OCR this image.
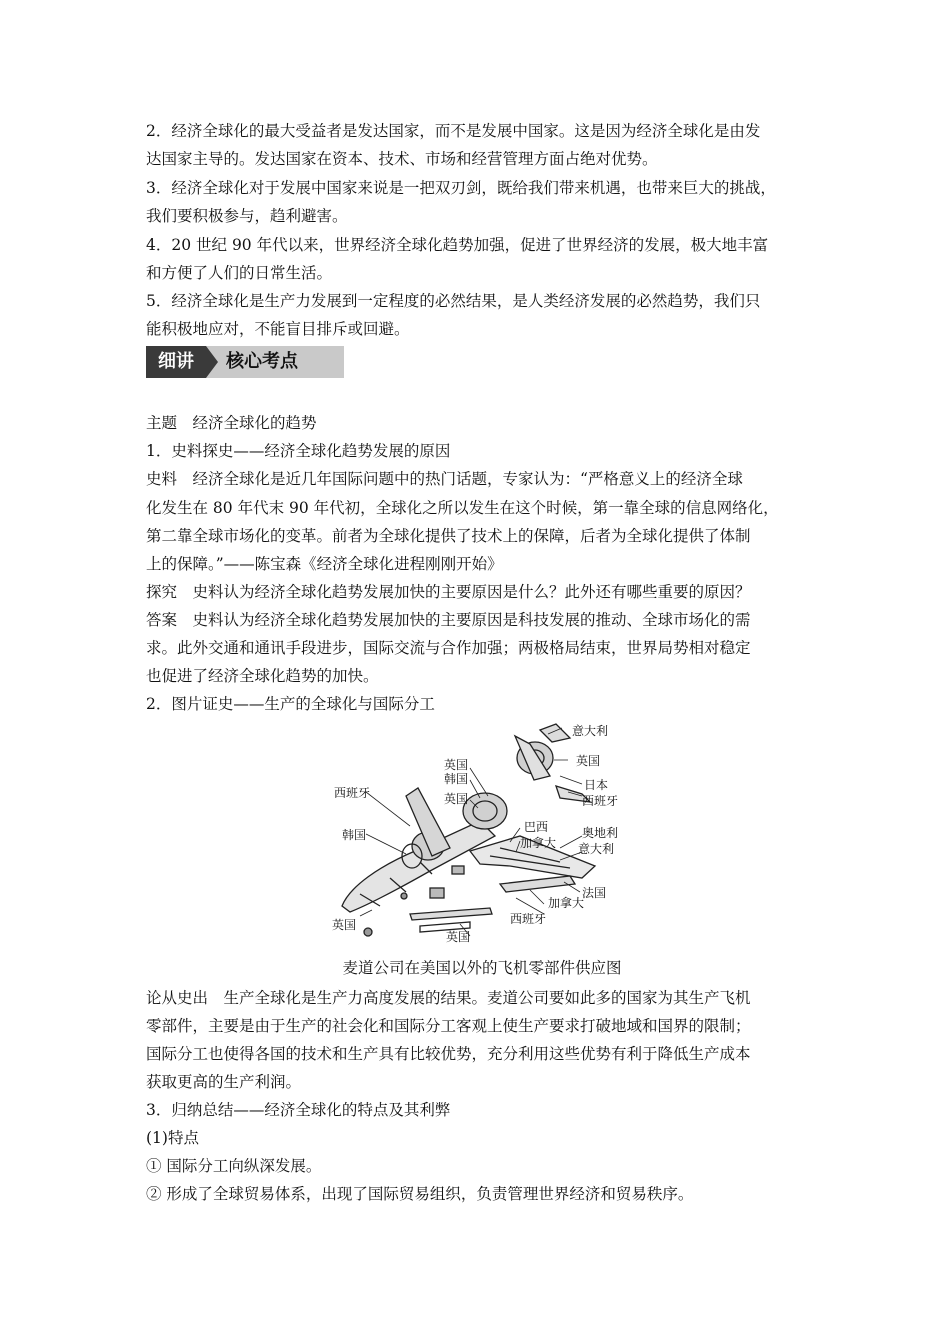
2．经济全球化的最大受益者是发达国家，而不是发展中国家。这是因为经济全球化是由发
达国家主导的。发达国家在资本、技术、市场和经营管理方面占绝对优势。
3．经济全球化对于发展中国家来说是一把双刃剑，既给我们带来机遇，也带来巨大的挑战，
我们要积极参与，趋利避害。
4．20 世纪 90 年代以来，世界经济全球化趋势加强，促进了世界经济的发展，极大地丰富
和方便了人们的日常生活。
5．经济全球化是生产力发展到一定程度的必然结果，是人类经济发展的必然趋势，我们只
能积极地应对，不能盲目排斥或回避。
细讲	核心考点
主题　经济全球化的趋势
1．史料探史——经济全球化趋势发展的原因
史料　经济全球化是近几年国际问题中的热门话题，专家认为：“严格意义上的经济全球
化发生在 80 年代末 90 年代初，全球化之所以发生在这个时候，第一靠全球的信息网络化，
第二靠全球市场化的变革。前者为全球化提供了技术上的保障，后者为全球化提供了体制
上的保障。”——陈宝森《经济全球化进程刚刚开始》
探究　史料认为经济全球化趋势发展加快的主要原因是什么？此外还有哪些重要的原因？
答案　史料认为经济全球化趋势发展加快的主要原因是科技发展的推动、全球市场化的需
求。此外交通和通讯手段进步，国际交流与合作加强；两极格局结束，世界局势相对稳定
也促进了经济全球化趋势的加快。
2．图片证史——生产的全球化与国际分工
意大利
英国
日本
西班牙
英国
韩国
英国
西班牙
韩国
巴西
加拿大
奥地利
意大利
法国
加拿大
西班牙
英国
英国
麦道公司在美国以外的飞机零部件供应图
论从史出　生产全球化是生产力高度发展的结果。麦道公司要如此多的国家为其生产飞机
零部件，主要是由于生产的社会化和国际分工客观上使生产要求打破地域和国界的限制；
国际分工也使得各国的技术和生产具有比较优势，充分利用这些优势有利于降低生产成本
获取更高的生产利润。
3．归纳总结——经济全球化的特点及其利弊
(1)特点
① 国际分工向纵深发展。
② 形成了全球贸易体系，出现了国际贸易组织，负责管理世界经济和贸易秩序。
